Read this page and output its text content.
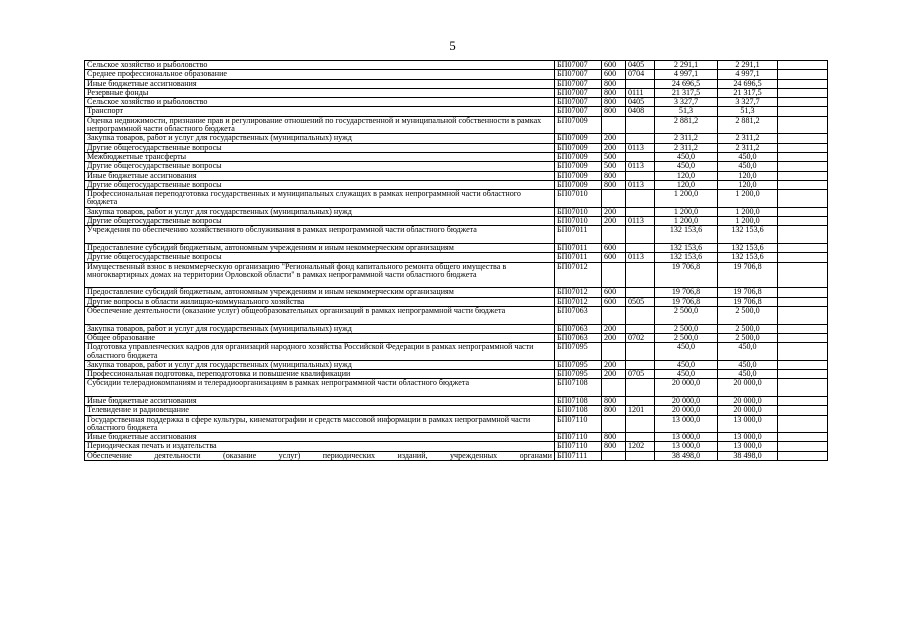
5
Сельское хозяйство и рыболовство	БП07007	600	0405	2 291,1	2 291,1	
Среднее профессиональное образование	БП07007	600	0704	4 997,1	4 997,1	
Иные бюджетные ассигнования	БП07007	800		24 696,5	24 696,5	
Резервные фонды	БП07007	800	0111	21 317,5	21 317,5	
Сельское хозяйство и рыболовство	БП07007	800	0405	3 327,7	3 327,7	
Транспорт	БП07007	800	0408	51,3	51,3	
Оценка недвижимости, признание прав и регулирование отношений по государственной и муниципальной собственности в рамках непрограммной части областного бюджета	БП07009			2 881,2	2 881,2	
Закупка товаров, работ и услуг для государственных (муниципальных) нужд	БП07009	200		2 311,2	2 311,2	
Другие общегосударственные вопросы	БП07009	200	0113	2 311,2	2 311,2	
Межбюджетные трансферты	БП07009	500		450,0	450,0	
Другие общегосударственные вопросы	БП07009	500	0113	450,0	450,0	
Иные бюджетные ассигнования	БП07009	800		120,0	120,0	
Другие общегосударственные вопросы	БП07009	800	0113	120,0	120,0	
Профессиональная переподготовка государственных и муниципальных служащих в рамках непрограммной части областного бюджета	БП07010			1 200,0	1 200,0	
Закупка товаров, работ и услуг для государственных (муниципальных) нужд	БП07010	200		1 200,0	1 200,0	
Другие общегосударственные вопросы	БП07010	200	0113	1 200,0	1 200,0	
Учреждения по обеспечению хозяйственного обслуживания в рамках непрограммной части областного бюджета	БП07011			132 153,6	132 153,6	
Предоставление субсидий бюджетным, автономным учреждениям и иным некоммерческим организациям	БП07011	600		132 153,6	132 153,6	
Другие общегосударственные вопросы	БП07011	600	0113	132 153,6	132 153,6	
Имущественный взнос в некоммерческую организацию "Региональный фонд капитального ремонта общего имущества в многоквартирных домах на территории Орловской области" в рамках непрограммной части областного бюджета	БП07012			19 706,8	19 706,8	
Предоставление субсидий бюджетным, автономным учреждениям и иным некоммерческим организациям	БП07012	600		19 706,8	19 706,8	
Другие вопросы в области жилищно-коммунального хозяйства	БП07012	600	0505	19 706,8	19 706,8	
Обеспечение деятельности (оказание услуг) общеобразовательных организаций в рамках непрограммной части бюджета	БП07063			2 500,0	2 500,0	
Закупка товаров, работ и услуг для государственных (муниципальных) нужд	БП07063	200		2 500,0	2 500,0	
Общее образование	БП07063	200	0702	2 500,0	2 500,0	
Подготовка управленческих кадров для организаций народного хозяйства Российской Федерации в рамках непрограммной части областного бюджета	БП07095			450,0	450,0	
Закупка товаров, работ и услуг для государственных (муниципальных) нужд	БП07095	200		450,0	450,0	
Профессиональная подготовка, переподготовка и повышение квалификации	БП07095	200	0705	450,0	450,0	
Субсидии телерадиокомпаниям и телерадиоорганизациям в рамках непрограммной части областного бюджета	БП07108			20 000,0	20 000,0	
Иные бюджетные ассигнования	БП07108	800		20 000,0	20 000,0	
Телевидение и радиовещание	БП07108	800	1201	20 000,0	20 000,0	
Государственная поддержка в сфере культуры, кинематографии и средств массовой информации в рамках непрограммной части областного бюджета	БП07110			13 000,0	13 000,0	
Иные бюджетные ассигнования	БП07110	800		13 000,0	13 000,0	
Периодическая печать и издательства	БП07110	800	1202	13 000,0	13 000,0	
Обеспечение деятельности (оказание услуг) периодических изданий, учрежденных органами	БП07111			38 498,0	38 498,0	
